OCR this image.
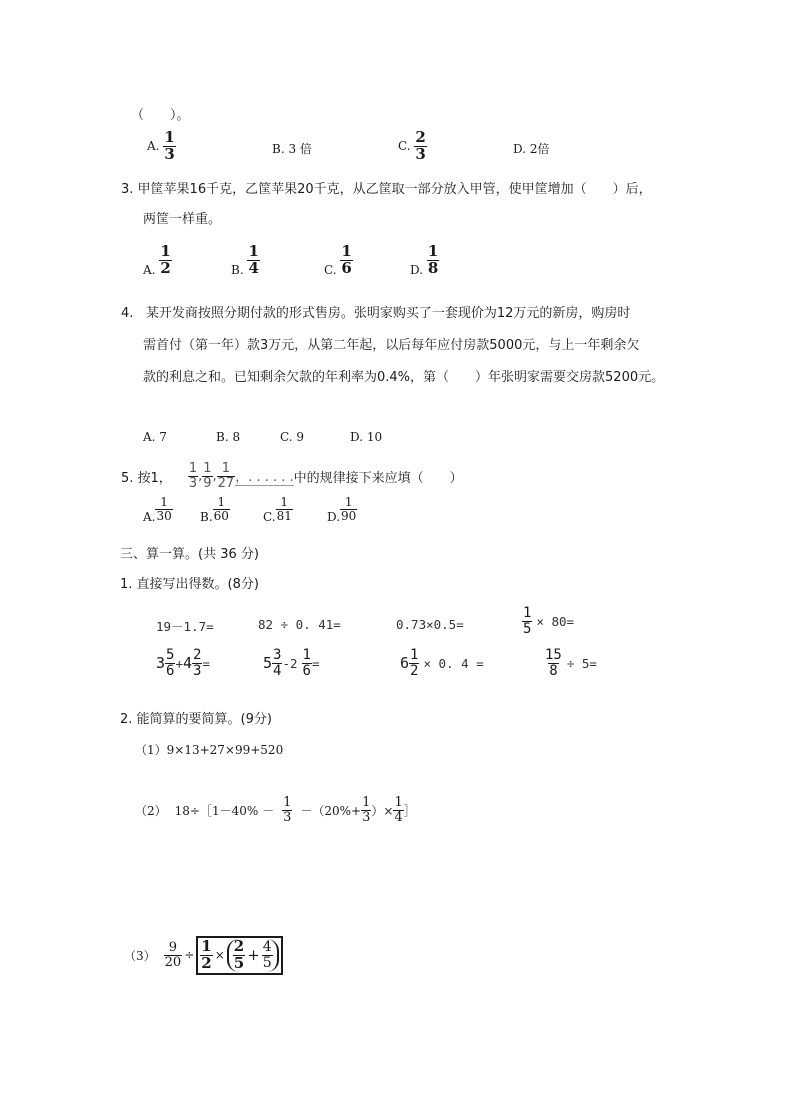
（　　）。
A. $\frac{1}{3}$	B. 3 倍	C. $\frac{2}{3}$	D. 2倍
3. 甲筐苹果16千克，乙筐苹果20千克，从乙筐取一部分放入甲管，使甲筐增加（　　）后，
两筐一样重。
A. $\frac{1}{2}$	B. $\frac{1}{4}$	C. $\frac{1}{6}$	D. $\frac{1}{8}$
4. 某开发商按照分期付款的形式售房。张明家购买了一套现价为12万元的新房，购房时
需首付（第一年）款3万元，从第二年起，以后每年应付房款5000元，与上一年剩余欠
款的利息之和。已知剩余欠款的年利率为0.4%，第（　　）年张明家需要交房款5200元。
A. 7	B. 8	C. 9	D. 10
5. 按1， $\frac{1}{3}$ , $\frac{1}{9}$ , $\frac{1}{27}$ ，. . . . . . 中的规律接下来应填（　　）
A. $\frac{1}{30} B$. $\frac{1}{60}$	C. $\frac{1}{81}$	D. $\frac{1}{90}$
三、算一算。(共 36 分)
1. 直接写出得数。(8分)
19－1.7=	82 ÷ 0. 41=	0.73×0.5=	$\frac{1}{5} \times 80=$
$3 \frac{5}{6} + 4 \frac{2}{3}$ =	$5 \frac{3}{4} -2 \frac{1}{6}$ =	$6 \frac{1}{2} \times 0$. 4 =	$\frac{15}{8} \div 5=$
2. 能简算的要简算。(9分)
（1）9×13+27×99+520
（2） 18÷［1－40% － $\frac{1}{3} -(20\%+ \frac{1}{3}$ ）× $\frac{1}{4}$ ］
$(3) \frac{9}{20} \div \frac{1}{2} \times \frac{2}{5} + \frac{4}{5}$
